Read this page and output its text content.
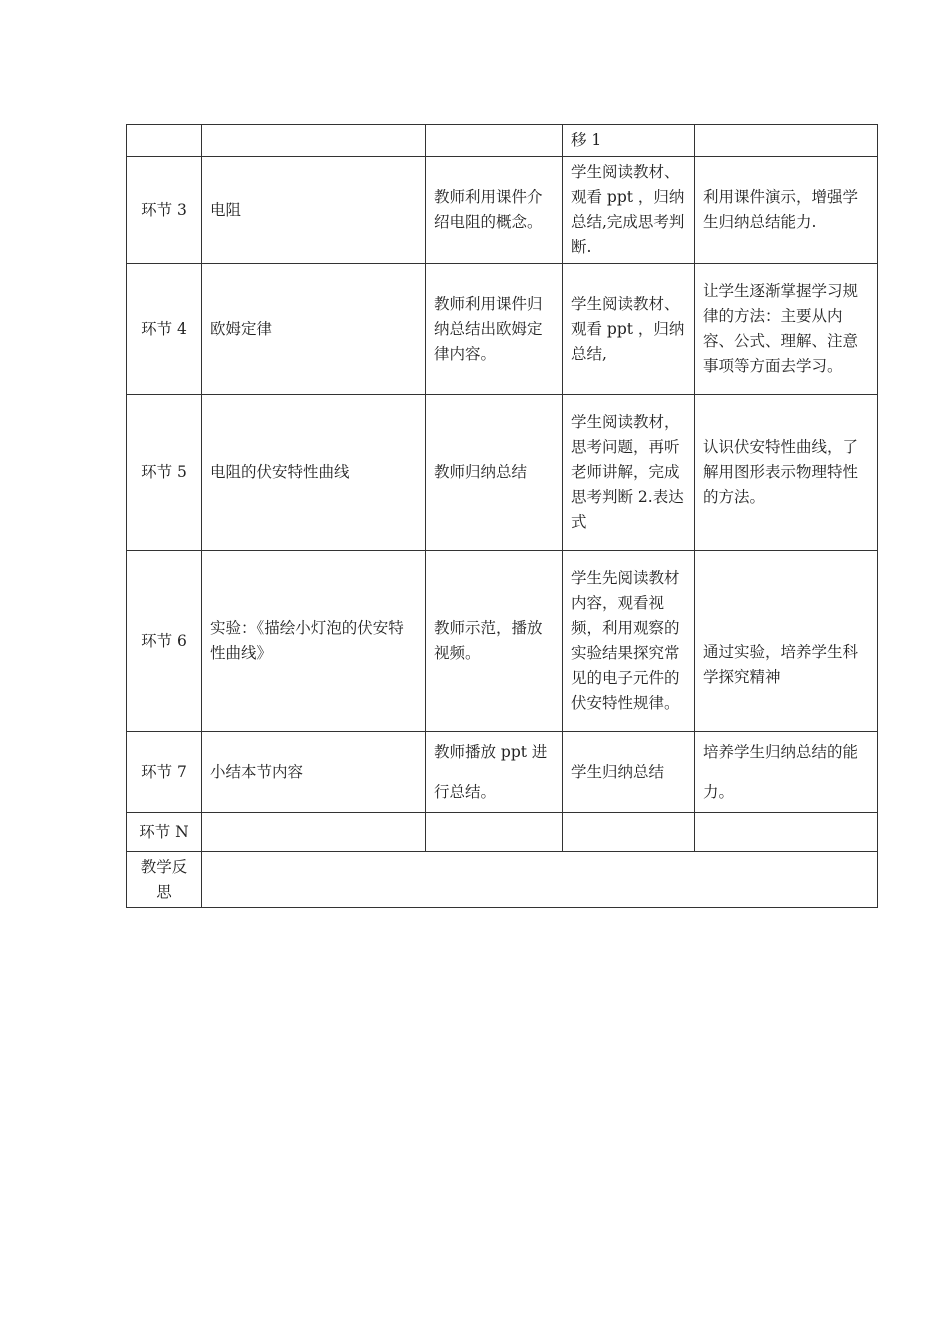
			移 1	
环节 3	电阻	教师利用课件介绍电阻的概念。	学生阅读教材、观看 ppt ，归纳总结,完成思考判断.	利用课件演示，增强学生归纳总结能力.
环节 4	欧姆定律	教师利用课件归纳总结出欧姆定律内容。	学生阅读教材、观看 ppt ，归纳总结,	让学生逐渐掌握学习规律的方法：主要从内容、公式、理解、注意事项等方面去学习。
环节 5	电阻的伏安特性曲线	教师归纳总结	学生阅读教材，思考问题，再听老师讲解，完成思考判断 2.表达式	认识伏安特性曲线，了解用图形表示物理特性的方法。
环节 6	实验：《描绘小灯泡的伏安特性曲线》	教师示范，播放视频。	学生先阅读教材内容，观看视频，利用观察的实验结果探究常见的电子元件的伏安特性规律。	通过实验，培养学生科学探究精神
环节 7	小结本节内容	教师播放 ppt 进行总结。	学生归纳总结	培养学生归纳总结的能力。
环节 N				
教学反思				
